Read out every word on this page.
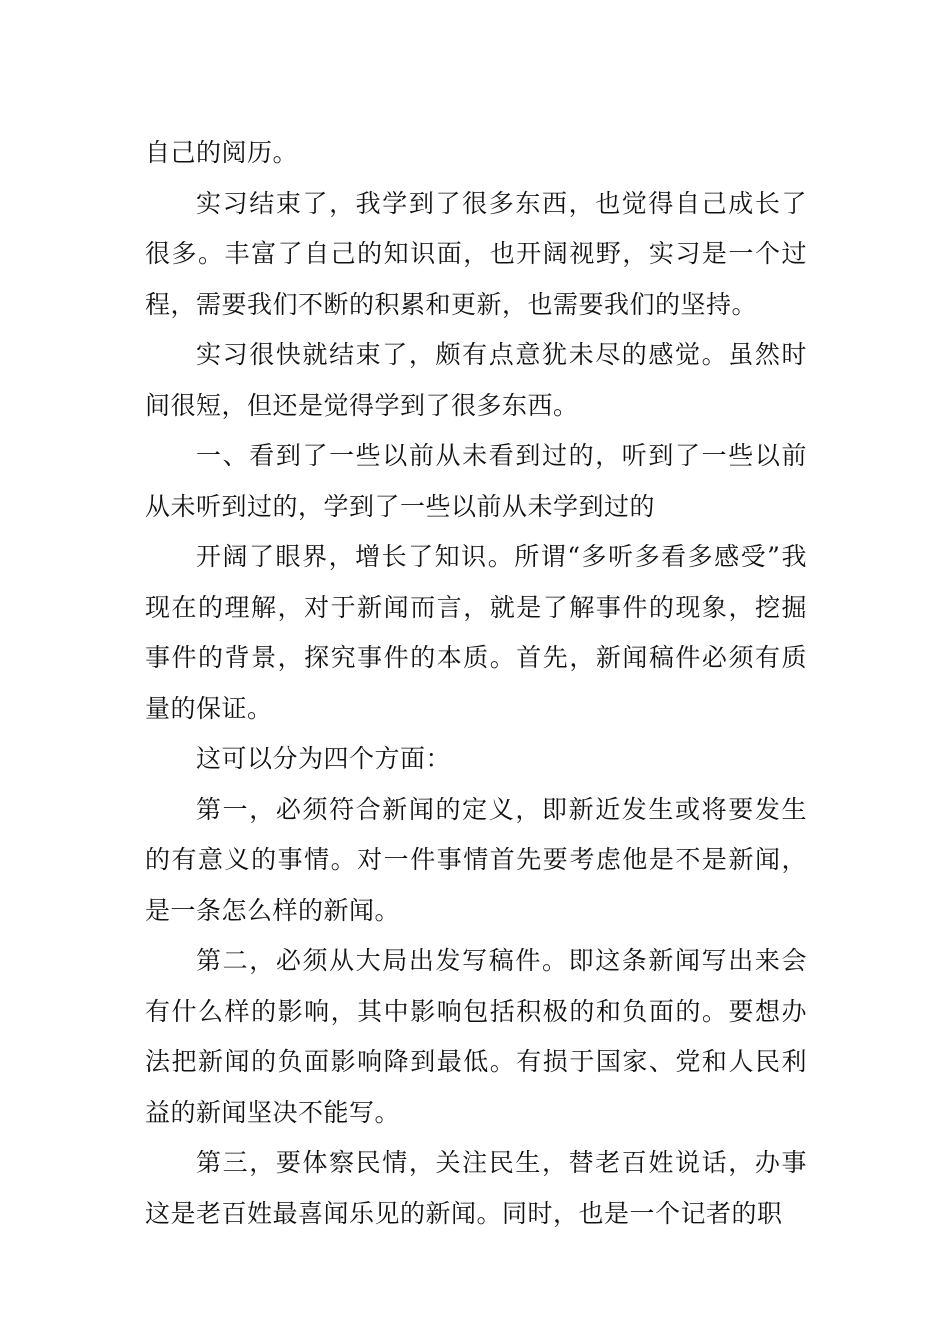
自己的阅历。

实习结束了，我学到了很多东西，也觉得自己成长了很多。丰富了自己的知识面，也开阔视野，实习是一个过程，需要我们不断的积累和更新，也需要我们的坚持。

实习很快就结束了，颇有点意犹未尽的感觉。虽然时间很短，但还是觉得学到了很多东西。

一、看到了一些以前从未看到过的，听到了一些以前从未听到过的，学到了一些以前从未学到过的

开阔了眼界，增长了知识。所谓“多听多看多感受”我现在的理解，对于新闻而言，就是了解事件的现象，挖掘事件的背景，探究事件的本质。首先，新闻稿件必须有质量的保证。

这可以分为四个方面：

第一，必须符合新闻的定义，即新近发生或将要发生的有意义的事情。对一件事情首先要考虑他是不是新闻，是一条怎么样的新闻。

第二，必须从大局出发写稿件。即这条新闻写出来会有什么样的影响，其中影响包括积极的和负面的。要想办法把新闻的负面影响降到最低。有损于国家、党和人民利益的新闻坚决不能写。

第三，要体察民情，关注民生，替老百姓说话，办事这是老百姓最喜闻乐见的新闻。同时，也是一个记者的职
